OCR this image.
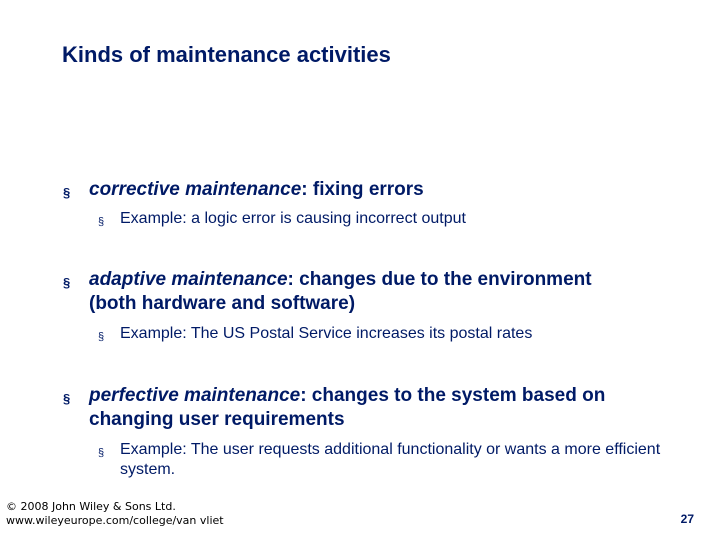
Kinds of maintenance activities
§ corrective maintenance: fixing errors
§ Example: a logic error is causing incorrect output
§ adaptive maintenance: changes due to the environment (both hardware and software)
§ Example: The US Postal Service increases its postal rates
§ perfective maintenance: changes to the system based on changing user requirements
§ Example: The user requests additional functionality or wants a more efficient system.
© 2008 John Wiley & Sons Ltd.
www.wileyeurope.com/college/van vliet	27
